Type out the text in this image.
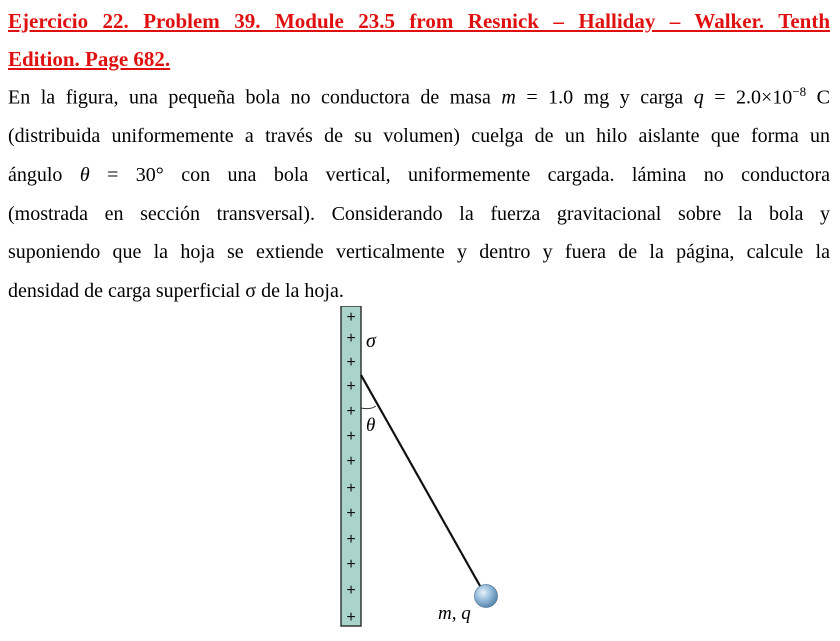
Ejercicio 22. Problem 39. Module 23.5 from Resnick – Halliday – Walker. Tenth
Edition. Page 682.
En la figura, una pequeña bola no conductora de masa m = 1.0 mg y carga $q = 2.0\times 10^{-8}$ C
(distribuida uniformemente a través de su volumen) cuelga de un hilo aislante que forma un
ángulo θ = 30° con una bola vertical, uniformemente cargada. lámina no conductora
(mostrada en sección transversal). Considerando la fuerza gravitacional sobre la bola y
suponiendo que la hoja se extiende verticalmente y dentro y fuera de la página, calcule la
densidad de carga superficial σ de la hoja.
+
+
+
+
+
+
+
+
+
+
+
+
+
σ
θ
m, q
